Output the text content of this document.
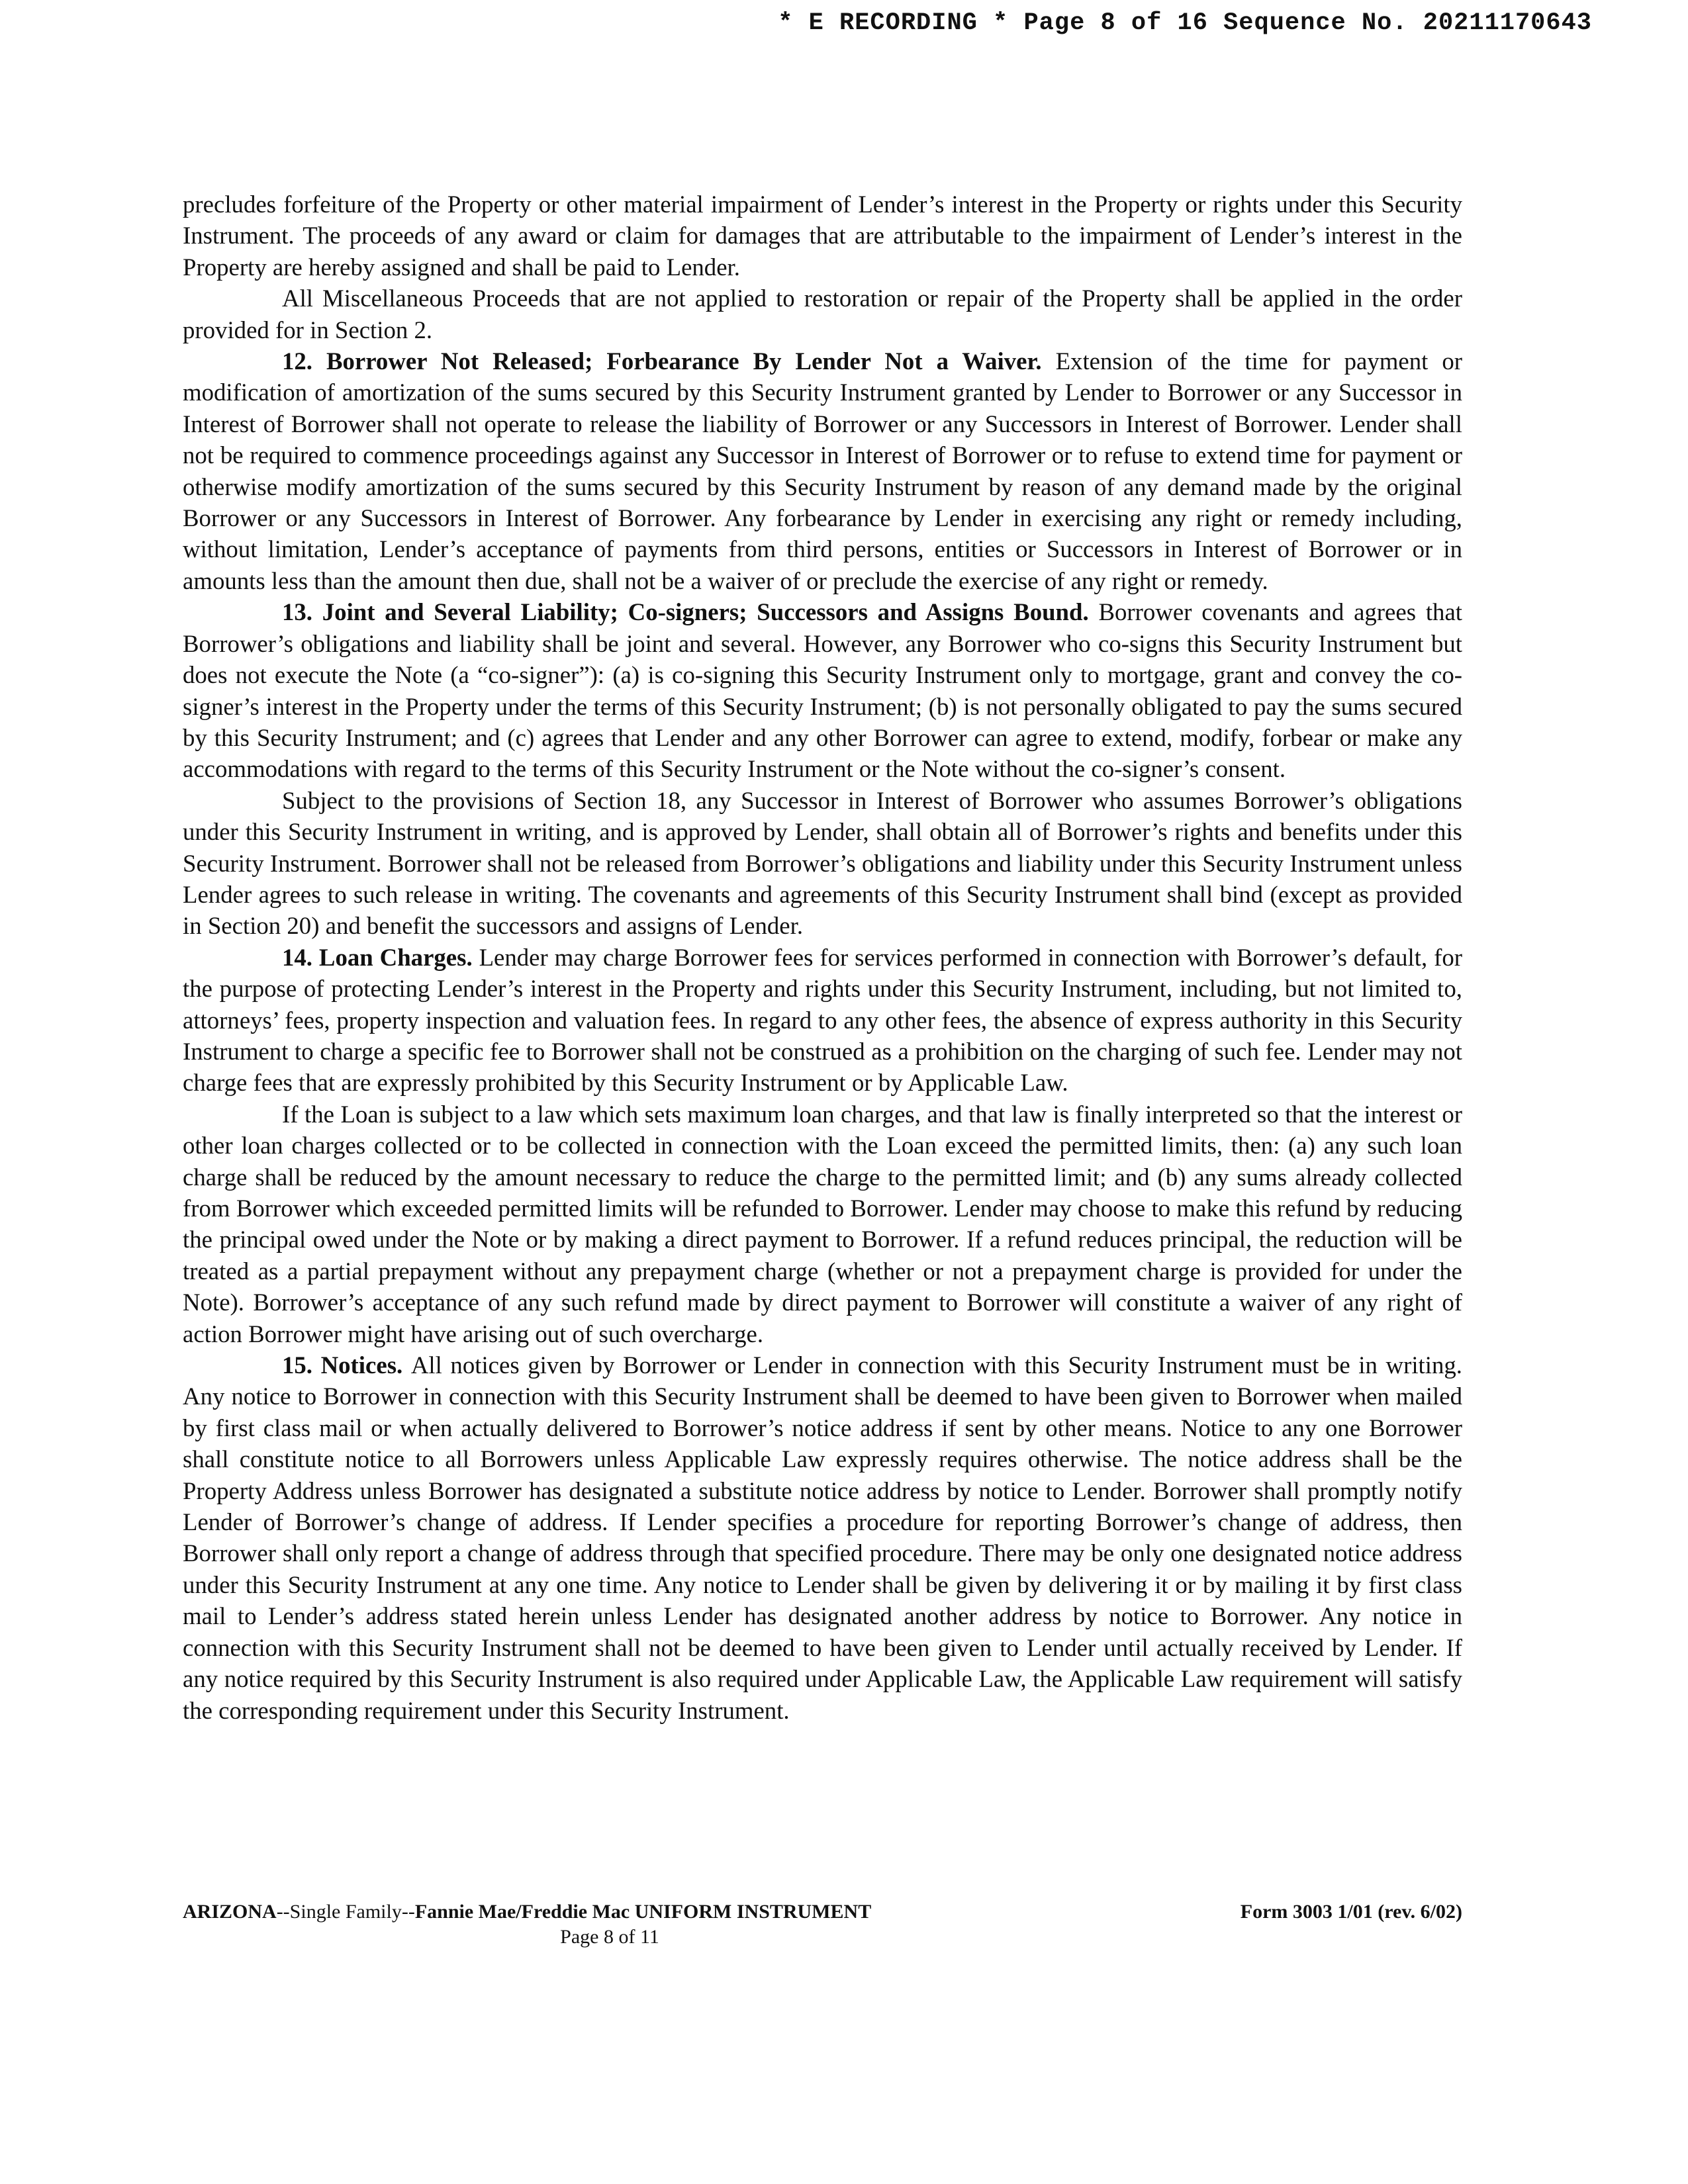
* E RECORDING * Page 8 of 16 Sequence No. 20211170643

precludes forfeiture of the Property or other material impairment of Lender’s interest in the Property or rights under this Security Instrument. The proceeds of any award or claim for damages that are attributable to the impairment of Lender’s interest in the Property are hereby assigned and shall be paid to Lender.

All Miscellaneous Proceeds that are not applied to restoration or repair of the Property shall be applied in the order provided for in Section 2.

12. Borrower Not Released; Forbearance By Lender Not a Waiver. Extension of the time for payment or modification of amortization of the sums secured by this Security Instrument granted by Lender to Borrower or any Successor in Interest of Borrower shall not operate to release the liability of Borrower or any Successors in Interest of Borrower. Lender shall not be required to commence proceedings against any Successor in Interest of Borrower or to refuse to extend time for payment or otherwise modify amortization of the sums secured by this Security Instrument by reason of any demand made by the original Borrower or any Successors in Interest of Borrower. Any forbearance by Lender in exercising any right or remedy including, without limitation, Lender’s acceptance of payments from third persons, entities or Successors in Interest of Borrower or in amounts less than the amount then due, shall not be a waiver of or preclude the exercise of any right or remedy.

13. Joint and Several Liability; Co-signers; Successors and Assigns Bound. Borrower covenants and agrees that Borrower’s obligations and liability shall be joint and several. However, any Borrower who co-signs this Security Instrument but does not execute the Note (a “co-signer”): (a) is co-signing this Security Instrument only to mortgage, grant and convey the co-signer’s interest in the Property under the terms of this Security Instrument; (b) is not personally obligated to pay the sums secured by this Security Instrument; and (c) agrees that Lender and any other Borrower can agree to extend, modify, forbear or make any accommodations with regard to the terms of this Security Instrument or the Note without the co-signer’s consent.

Subject to the provisions of Section 18, any Successor in Interest of Borrower who assumes Borrower’s obligations under this Security Instrument in writing, and is approved by Lender, shall obtain all of Borrower’s rights and benefits under this Security Instrument. Borrower shall not be released from Borrower’s obligations and liability under this Security Instrument unless Lender agrees to such release in writing. The covenants and agreements of this Security Instrument shall bind (except as provided in Section 20) and benefit the successors and assigns of Lender.

14. Loan Charges. Lender may charge Borrower fees for services performed in connection with Borrower’s default, for the purpose of protecting Lender’s interest in the Property and rights under this Security Instrument, including, but not limited to, attorneys’ fees, property inspection and valuation fees. In regard to any other fees, the absence of express authority in this Security Instrument to charge a specific fee to Borrower shall not be construed as a prohibition on the charging of such fee. Lender may not charge fees that are expressly prohibited by this Security Instrument or by Applicable Law.

If the Loan is subject to a law which sets maximum loan charges, and that law is finally interpreted so that the interest or other loan charges collected or to be collected in connection with the Loan exceed the permitted limits, then: (a) any such loan charge shall be reduced by the amount necessary to reduce the charge to the permitted limit; and (b) any sums already collected from Borrower which exceeded permitted limits will be refunded to Borrower. Lender may choose to make this refund by reducing the principal owed under the Note or by making a direct payment to Borrower. If a refund reduces principal, the reduction will be treated as a partial prepayment without any prepayment charge (whether or not a prepayment charge is provided for under the Note). Borrower’s acceptance of any such refund made by direct payment to Borrower will constitute a waiver of any right of action Borrower might have arising out of such overcharge.

15. Notices. All notices given by Borrower or Lender in connection with this Security Instrument must be in writing. Any notice to Borrower in connection with this Security Instrument shall be deemed to have been given to Borrower when mailed by first class mail or when actually delivered to Borrower’s notice address if sent by other means. Notice to any one Borrower shall constitute notice to all Borrowers unless Applicable Law expressly requires otherwise. The notice address shall be the Property Address unless Borrower has designated a substitute notice address by notice to Lender. Borrower shall promptly notify Lender of Borrower’s change of address. If Lender specifies a procedure for reporting Borrower’s change of address, then Borrower shall only report a change of address through that specified procedure. There may be only one designated notice address under this Security Instrument at any one time. Any notice to Lender shall be given by delivering it or by mailing it by first class mail to Lender’s address stated herein unless Lender has designated another address by notice to Borrower. Any notice in connection with this Security Instrument shall not be deemed to have been given to Lender until actually received by Lender. If any notice required by this Security Instrument is also required under Applicable Law, the Applicable Law requirement will satisfy the corresponding requirement under this Security Instrument.

ARIZONA--Single Family--Fannie Mae/Freddie Mac UNIFORM INSTRUMENT	Form 3003 1/01 (rev. 6/02)
Page 8 of 11
